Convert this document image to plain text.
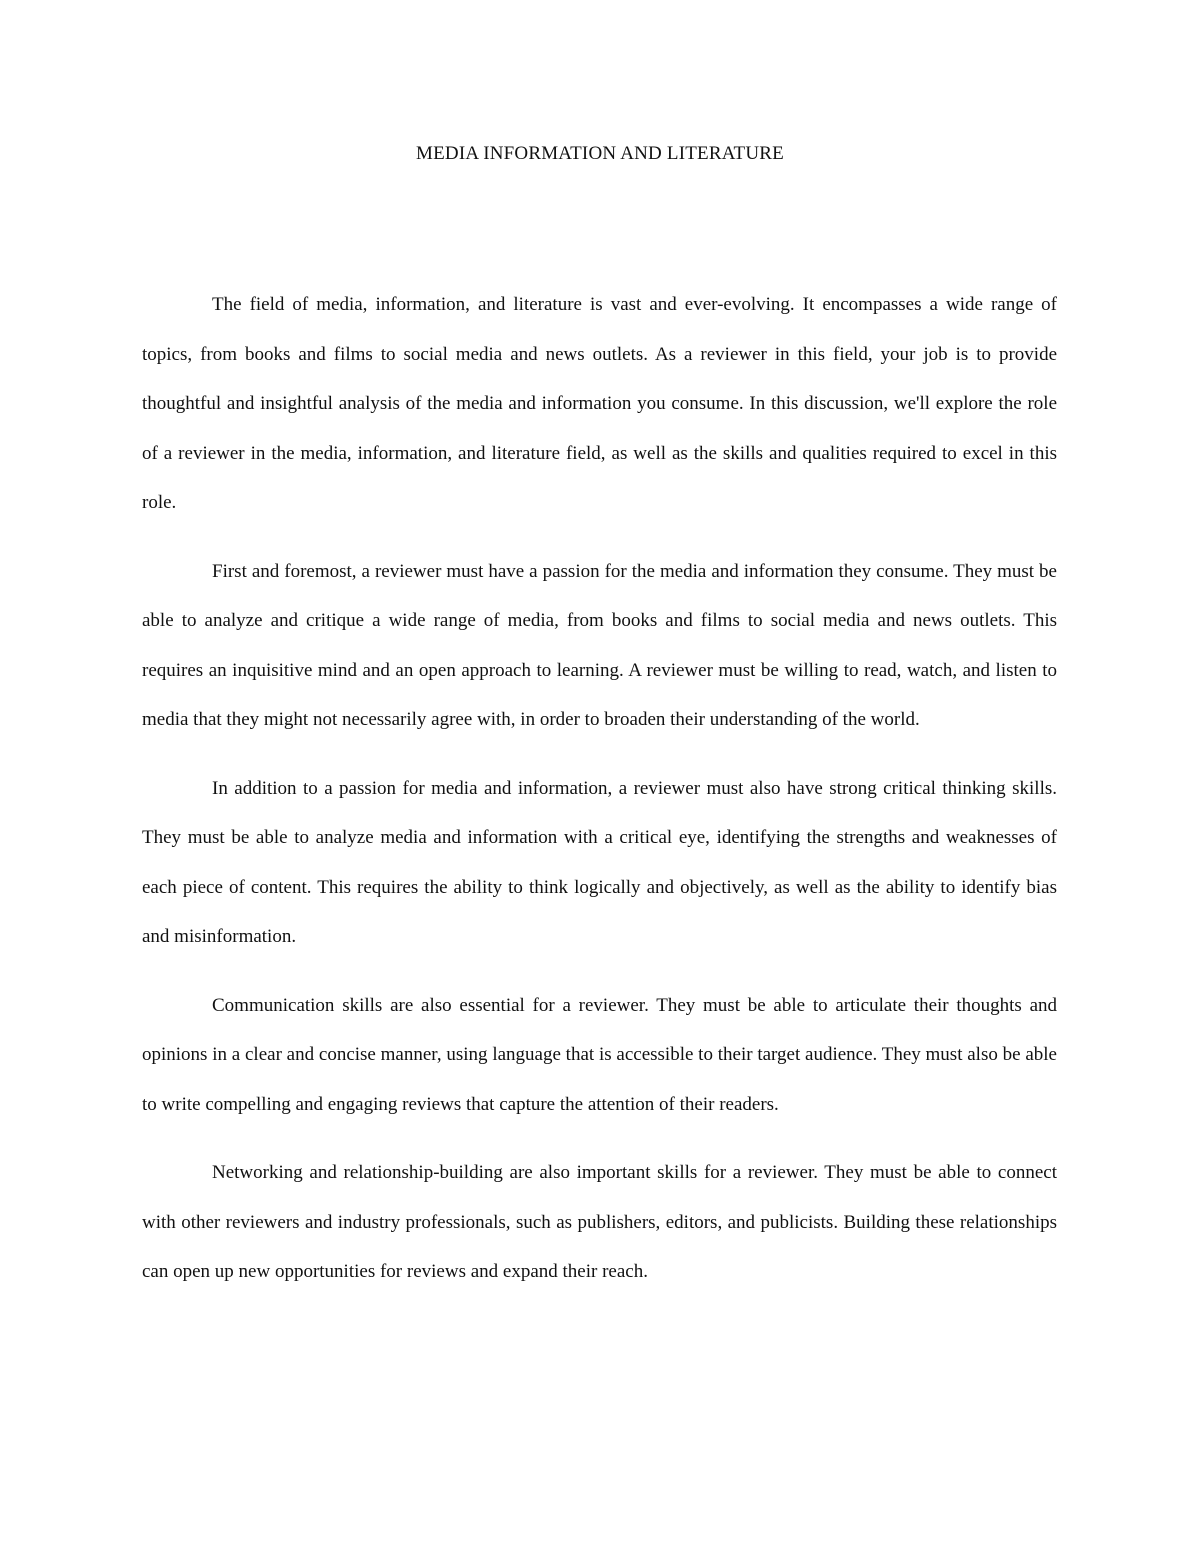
MEDIA INFORMATION AND LITERATURE

The field of media, information, and literature is vast and ever-evolving. It encompasses a wide range of topics, from books and films to social media and news outlets. As a reviewer in this field, your job is to provide thoughtful and insightful analysis of the media and information you consume. In this discussion, we'll explore the role of a reviewer in the media, information, and literature field, as well as the skills and qualities required to excel in this role.

First and foremost, a reviewer must have a passion for the media and information they consume. They must be able to analyze and critique a wide range of media, from books and films to social media and news outlets. This requires an inquisitive mind and an open approach to learning. A reviewer must be willing to read, watch, and listen to media that they might not necessarily agree with, in order to broaden their understanding of the world.

In addition to a passion for media and information, a reviewer must also have strong critical thinking skills. They must be able to analyze media and information with a critical eye, identifying the strengths and weaknesses of each piece of content. This requires the ability to think logically and objectively, as well as the ability to identify bias and misinformation.

Communication skills are also essential for a reviewer. They must be able to articulate their thoughts and opinions in a clear and concise manner, using language that is accessible to their target audience. They must also be able to write compelling and engaging reviews that capture the attention of their readers.

Networking and relationship-building are also important skills for a reviewer. They must be able to connect with other reviewers and industry professionals, such as publishers, editors, and publicists. Building these relationships can open up new opportunities for reviews and expand their reach.
